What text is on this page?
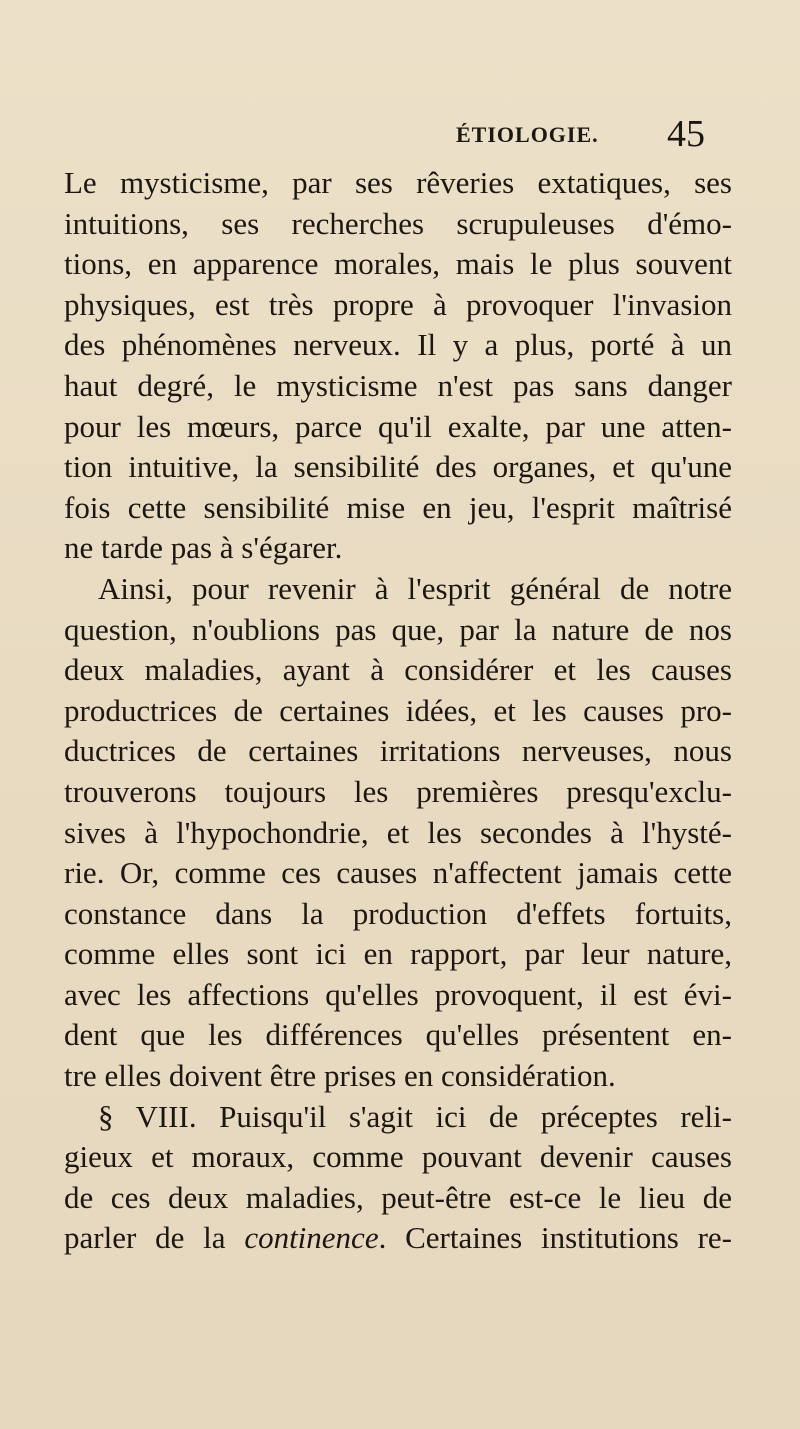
ÉTIOLOGIE. 45
Le mysticisme, par ses rêveries extatiques, ses
intuitions, ses recherches scrupuleuses d'émo-
tions, en apparence morales, mais le plus souvent
physiques, est très propre à provoquer l'invasion
des phénomènes nerveux. Il y a plus, porté à un
haut degré, le mysticisme n'est pas sans danger
pour les mœurs, parce qu'il exalte, par une atten-
tion intuitive, la sensibilité des organes, et qu'une
fois cette sensibilité mise en jeu, l'esprit maîtrisé
ne tarde pas à s'égarer.
Ainsi, pour revenir à l'esprit général de notre
question, n'oublions pas que, par la nature de nos
deux maladies, ayant à considérer et les causes
productrices de certaines idées, et les causes pro-
ductrices de certaines irritations nerveuses, nous
trouverons toujours les premières presqu'exclu-
sives à l'hypochondrie, et les secondes à l'hysté-
rie. Or, comme ces causes n'affectent jamais cette
constance dans la production d'effets fortuits,
comme elles sont ici en rapport, par leur nature,
avec les affections qu'elles provoquent, il est évi-
dent que les différences qu'elles présentent en-
tre elles doivent être prises en considération.
§ VIII. Puisqu'il s'agit ici de préceptes reli-
gieux et moraux, comme pouvant devenir causes
de ces deux maladies, peut-être est-ce le lieu de
parler de la continence. Certaines institutions re-
